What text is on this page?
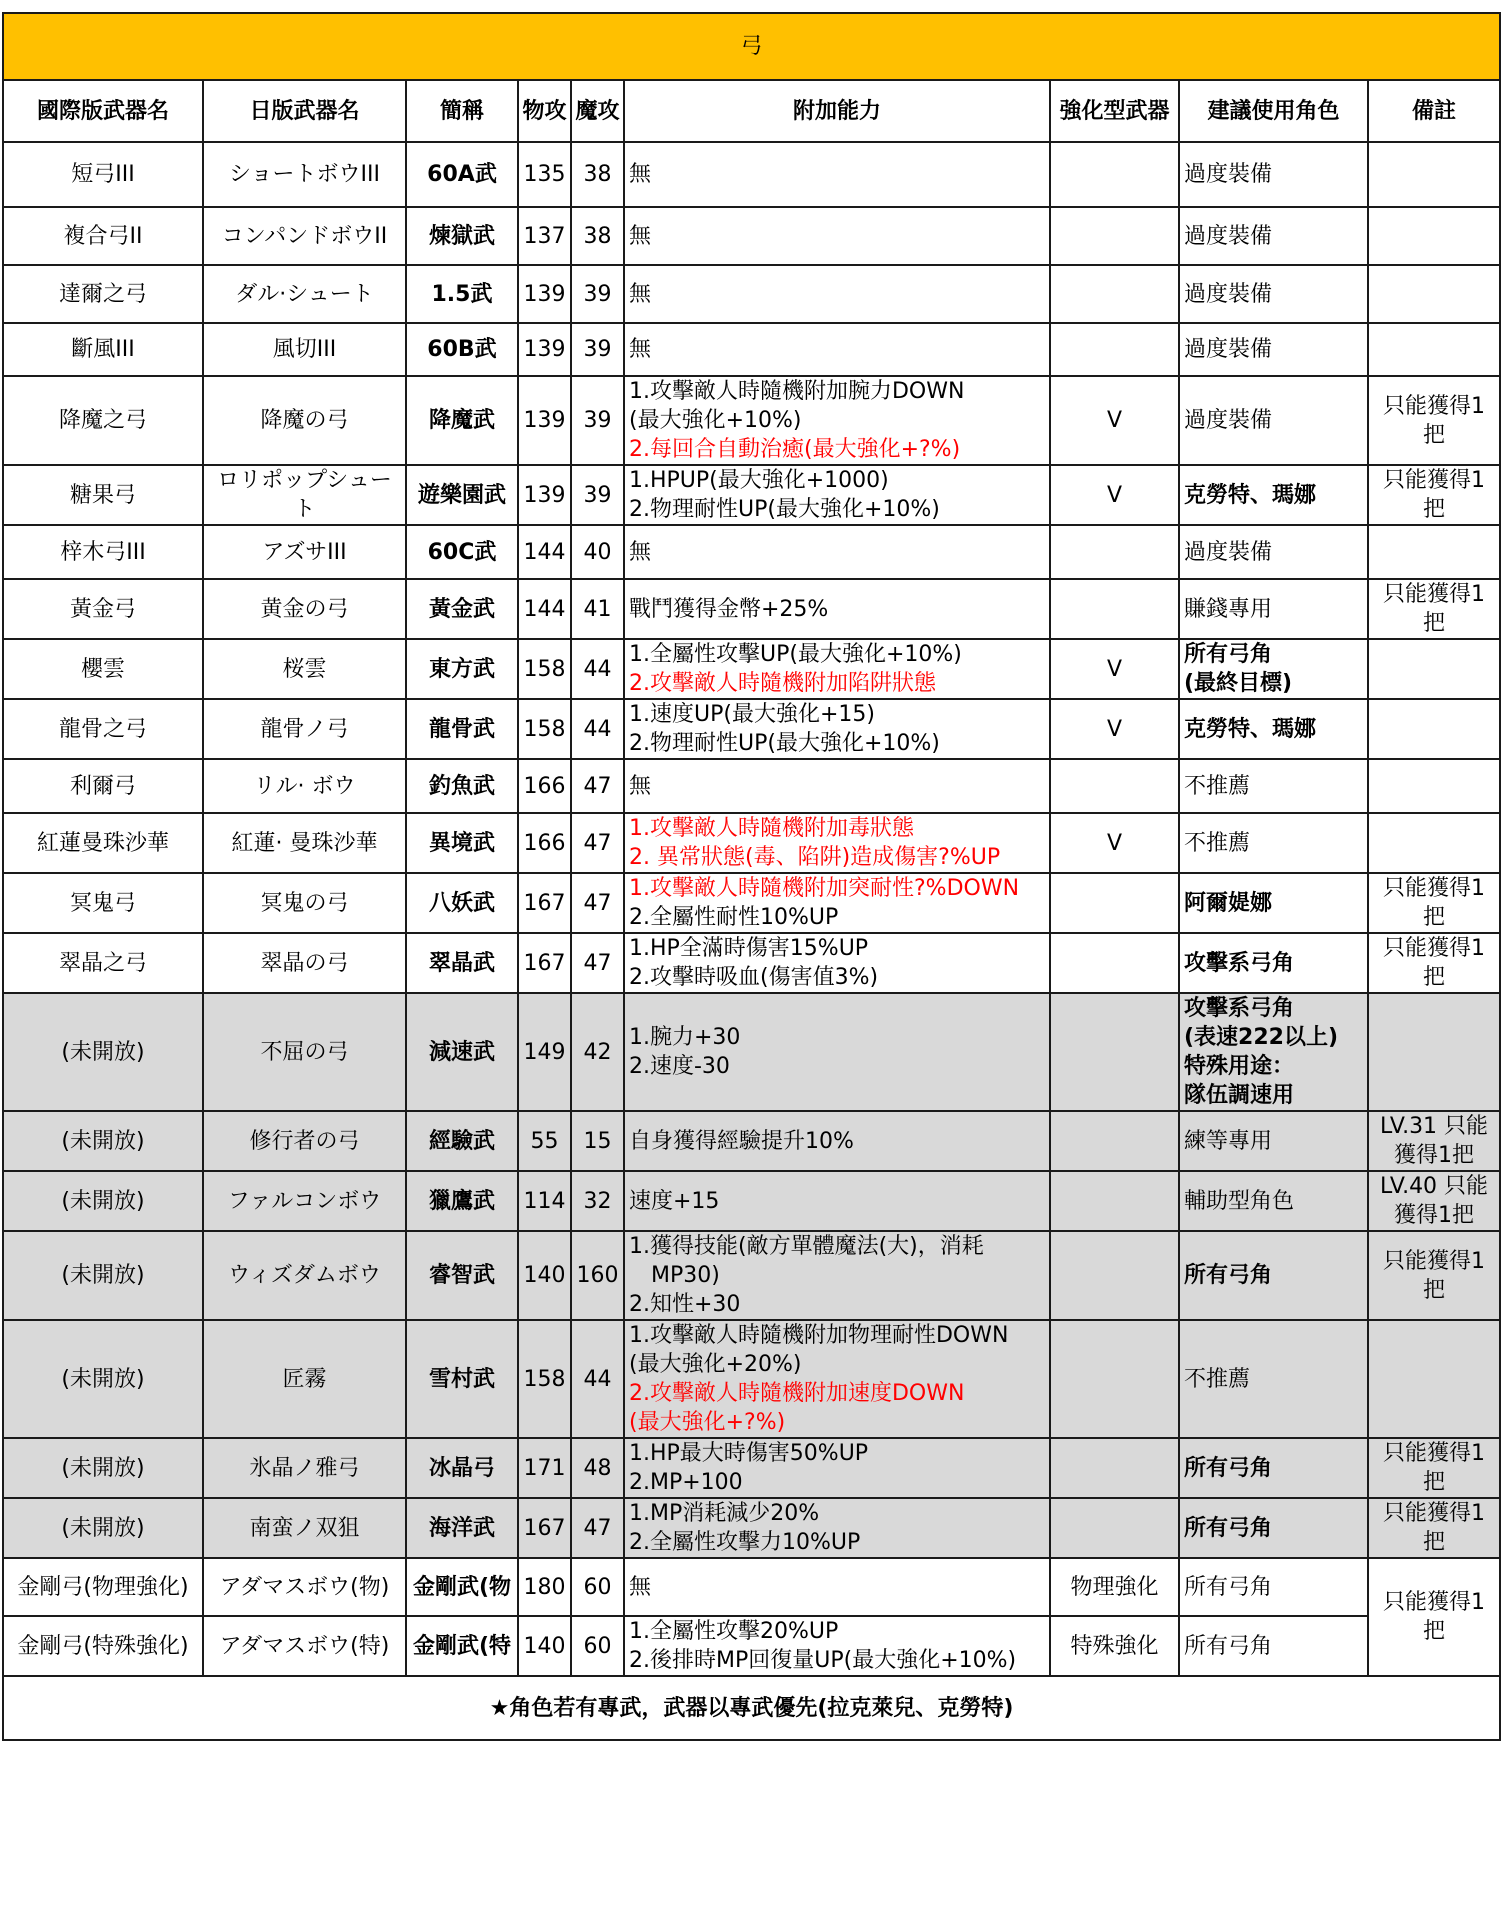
弓								
國際版武器名	日版武器名	簡稱	物攻	魔攻	附加能力	強化型武器	建議使用角色	備註
短弓III	ショートボウIII	60A武	135	38	無		過度裝備	

複合弓II	コンパンドボウII	煉獄武	137	38	無		過度裝備	

達爾之弓	ダル·シュート	1.5武	139	39	無		過度裝備	

斷風III	風切III	60B武	139	39	無		過度裝備	

降魔之弓	降魔の弓	降魔武	139	39	1.攻擊敵人時隨機附加腕力DOWN
(最大強化+10%)
2.每回合自動治癒(最大強化+?%)	V	過度裝備	只能獲得1把
糖果弓	ロリポップシュート	遊樂園武	139	39	1.HPUP(最大強化+1000)
2.物理耐性UP(最大強化+10%)	V	克勞特、瑪娜	只能獲得1把
梓木弓III	アズサIII	60C武	144	40	無		過度裝備	

黃金弓	黄金の弓	黃金武	144	41	戰鬥獲得金幣+25%		賺錢專用	只能獲得1把
櫻雲	桜雲	東方武	158	44	1.全屬性攻擊UP(最大強化+10%)
2.攻擊敵人時隨機附加陷阱狀態	V	所有弓角
(最終目標)	

龍骨之弓	龍骨ノ弓	龍骨武	158	44	1.速度UP(最大強化+15)
2.物理耐性UP(最大強化+10%)	V	克勞特、瑪娜	

利爾弓	リル· ボウ	釣魚武	166	47	無		不推薦	

紅蓮曼珠沙華	紅蓮· 曼珠沙華	異境武	166	47	1.攻擊敵人時隨機附加毒狀態
2. 異常狀態(毒、陷阱)造成傷害?%UP	V	不推薦	

冥鬼弓	冥鬼の弓	八妖武	167	47	1.攻擊敵人時隨機附加突耐性?%DOWN
2.全屬性耐性10%UP		阿爾媞娜	只能獲得1把
翠晶之弓	翠晶の弓	翠晶武	167	47	1.HP全滿時傷害15%UP
2.攻擊時吸血(傷害值3%)		攻擊系弓角	只能獲得1把
(未開放)	不屈の弓	減速武	149	42	1.腕力+30
2.速度-30		攻擊系弓角
(表速222以上)
特殊用途：
隊伍調速用	

(未開放)	修行者の弓	經驗武	55	15	自身獲得經驗提升10%		練等專用	LV.31 只能獲得1把
(未開放)	ファルコンボウ	獵鷹武	114	32	速度+15		輔助型角色	LV.40 只能獲得1把
(未開放)	ウィズダムボウ	睿智武	140	160	1.獲得技能(敵方單體魔法(大)，消耗
MP30)
2.知性+30		所有弓角	只能獲得1把
(未開放)	匠霧	雪村武	158	44	1.攻擊敵人時隨機附加物理耐性DOWN
(最大強化+20%)
2.攻擊敵人時隨機附加速度DOWN
(最大強化+?%)		不推薦	

(未開放)	氷晶ノ雅弓	冰晶弓	171	48	1.HP最大時傷害50%UP
2.MP+100		所有弓角	只能獲得1把
(未開放)	南蛮ノ双狙	海洋武	167	47	1.MP消耗減少20%
2.全屬性攻擊力10%UP		所有弓角	只能獲得1把
金剛弓(物理強化)	アダマスボウ(物)	金剛武(物	180	60	無	物理強化	所有弓角	只能獲得1把
金剛弓(特殊強化)	アダマスボウ(特)	金剛武(特	140	60	1.全屬性攻擊20%UP
2.後排時MP回復量UP(最大強化+10%)	特殊強化	所有弓角	

★角色若有專武，武器以專武優先(拉克萊兒、克勞特)								
